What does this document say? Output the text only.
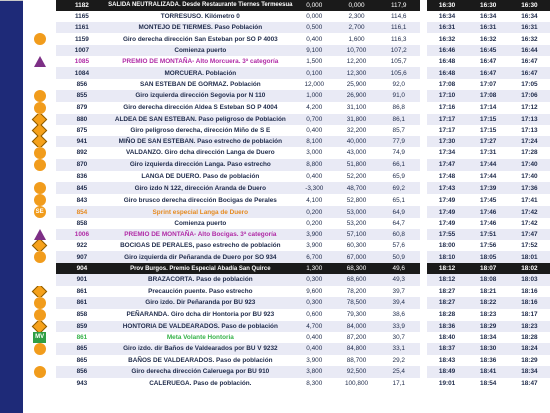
	1182	SALIDA NEUTRALIZADA. Desde Restaurante Tiernes Termeesua	0,000	0,000	117,9		16:30	16:30	16:30
	1165	TORRESUSO. Kilómetro 0	0,000	2,300	114,6		16:34	16:34	16:34
	1161	MONTEJO DE TIERMES. Paso Población	0,500	2,700	116,1		16:31	16:31	16:31
	1159	Giro derecha dirección San Esteban por SO P 4003	0,400	1,600	116,3		16:32	16:32	16:32
	1007	Comienza puerto	9,100	10,700	107,2		16:46	16:45	16:44
	1085	PREMIO DE MONTAÑA- Alto Morcuera. 3ª categoría	1,500	12,200	105,7		16:48	16:47	16:47
	1084	MORCUERA. Población	0,100	12,300	105,6		16:48	16:47	16:47
	856	SAN ESTEBAN DE GORMAZ. Población	12,000	25,900	92,0		17:08	17:07	17:05
	855	Giro izquierda dirección Segovia por N 110	1,000	26,900	91,0		17:10	17:08	17:06
	879	Giro derecha dirección Aldea S Esteban SO P 4004	4,200	31,100	86,8		17:16	17:14	17:12
	880	ALDEA DE SAN ESTEBAN. Paso peligroso de Población	0,700	31,800	86,1		17:17	17:15	17:13
	875	Giro peligroso derecha, dirección Miño de S E	0,400	32,200	85,7		17:17	17:15	17:13
	941	MIÑO DE SAN ESTEBAN. Paso estrecho de población	8,100	40,000	77,9		17:30	17:27	17:24
	892	VALDANZO. Giro dcha dirección Langa de Duero	3,000	43,000	74,9		17:34	17:31	17:28
	870	Giro izquierda dirección Langa. Paso estrecho	8,800	51,800	66,1		17:47	17:44	17:40
	836	LANGA DE DUERO. Paso de población	0,400	52,200	65,9		17:48	17:44	17:40
	845	Giro izdo N 122, dirección Aranda de Duero	-3,300	48,700	69,2		17:43	17:39	17:36
	843	Giro brusco derecha dirección Bocigas de Perales	4,100	52,800	65,1		17:49	17:45	17:41
SE	854	Sprint especial Langa de Duero	0,200	53,000	64,9		17:49	17:46	17:42
	858	Comienza puerto	0,200	53,200	64,7		17:49	17:46	17:42
	1006	PREMIO DE MONTAÑA- Alto Bocigas. 3ª categoría	3,900	57,100	60,8		17:55	17:51	17:47
	922	BOCIGAS DE PERALES, paso estrecho de población	3,900	60,300	57,6		18:00	17:56	17:52
	907	Giro izquierda dir Peñaranda de Duero por SO 934	6,700	67,000	50,9		18:10	18:05	18:01
	904	Prov Burgos. Premio Especial Abadía San Quirce	1,300	68,300	49,6		18:12	18:07	18:02
	901	BRAZACORTA. Paso de población	0,300	68,600	49,3		18:12	18:08	18:03
	861	Precaución puente. Paso estrecho	9,600	78,200	39,7		18:27	18:21	18:16
	861	Giro izdo. Dir Peñaranda por BU 923	0,300	78,500	39,4		18:27	18:22	18:16
	858	PEÑARANDA. Giro dcha dir Hontoria por BU 923	0,600	79,300	38,6		18:28	18:23	18:17
	859	HONTORIA DE VALDEARADOS. Paso de población	4,700	84,000	33,9		18:36	18:29	18:23
MV	861	Meta Volante Hontoria	0,400	87,200	30,7		18:40	18:34	18:28
	865	Giro izdo. dir Baños de Valdearados por BU V 9232	0,400	84,800	33,1		18:37	18:30	18:24
	865	BAÑOS DE VALDEARADOS. Paso de población	3,900	88,700	29,2		18:43	18:36	18:29
	856	Giro derecha dirección Caleruega por BU 910	3,800	92,500	25,4		18:49	18:41	18:34
	943	CALERUEGA. Paso de población.	8,300	100,800	17,1		19:01	18:54	18:47
